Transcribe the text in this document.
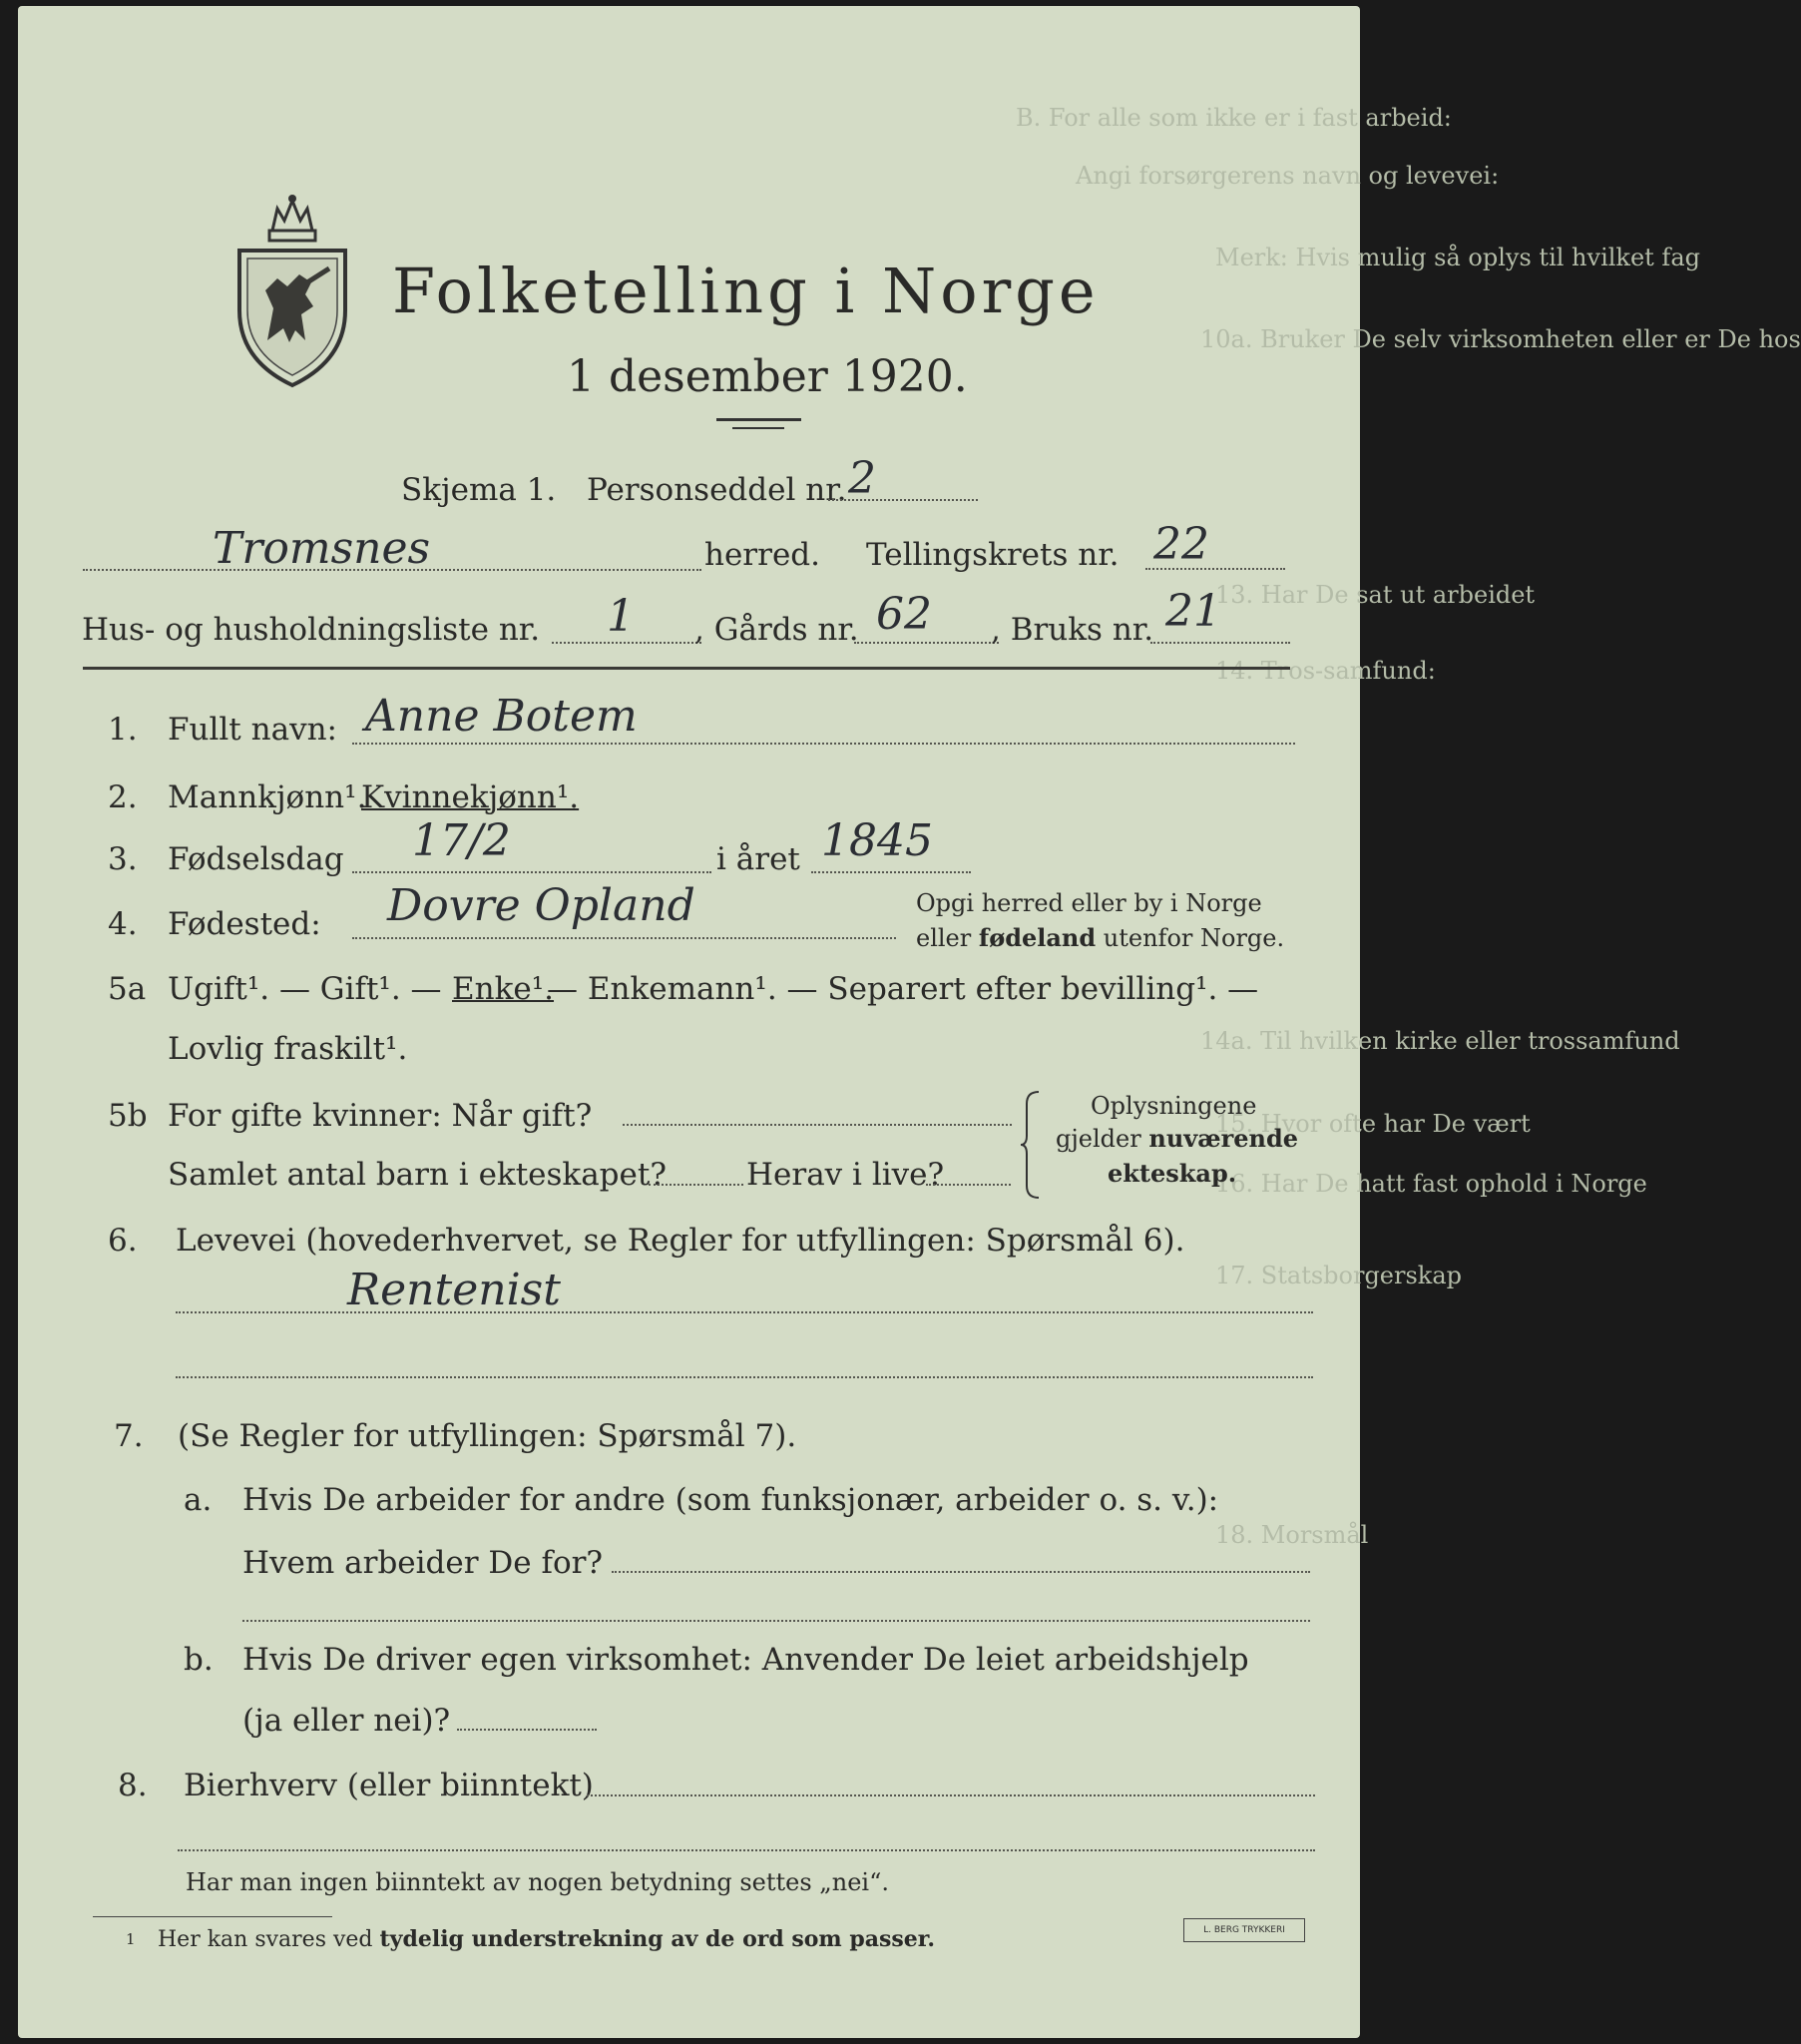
B. For alle som ikke er i fast arbeid:
Angi forsørgerens navn og levevei:
Merk: Hvis mulig så oplys til hvilket fag
10a. Bruker De selv virksomheten eller er De hos
13. Har De sat ut arbeidet
14. Tros-samfund:
14a. Til hvilken kirke eller trossamfund
15. Hvor ofte har De vært
16. Har De hatt fast ophold i Norge
17. Statsborgerskap
18. Morsmål
Folketelling i Norge
1 desember 1920.
Skjema 1. Personseddel nr. 2
Tromsnes	herred. Tellingskrets nr. 22
Hus- og husholdningsliste nr. 1 , Gårds nr. 62 , Bruks nr. 21
1. Fullt navn: Anne Botem
2. Mannkjønn¹.
Kvinnekjønn¹.
3. Fødselsdag 17/2	i året 1845
4. Fødested: Dovre Opland	Opgi herred eller by i Norge
eller fødeland utenfor Norge.
5a Ugift¹. — Gift¹. — Enke¹.
— Enkemann¹. — Separert efter bevilling¹. —
Lovlig fraskilt¹.
5b For gifte kvinner: Når gift?
Samlet antal barn i ekteskapet?	Herav i live?
Oplysningene
gjelder nuværende
ekteskap.
6. Levevei (hovederhvervet, se Regler for utfyllingen: Spørsmål 6).
Rentenist
7. (Se Regler for utfyllingen: Spørsmål 7).
a. Hvis De arbeider for andre (som funksjonær, arbeider o. s. v.):
Hvem arbeider De for?
b. Hvis De driver egen virksomhet: Anvender De leiet arbeidshjelp
(ja eller nei)?
8. Bierhverv (eller biinntekt)
Har man ingen biinntekt av nogen betydning settes „nei“.
1 Her kan svares ved tydelig understrekning av de ord som passer.	L. BERG TRYKKERI
